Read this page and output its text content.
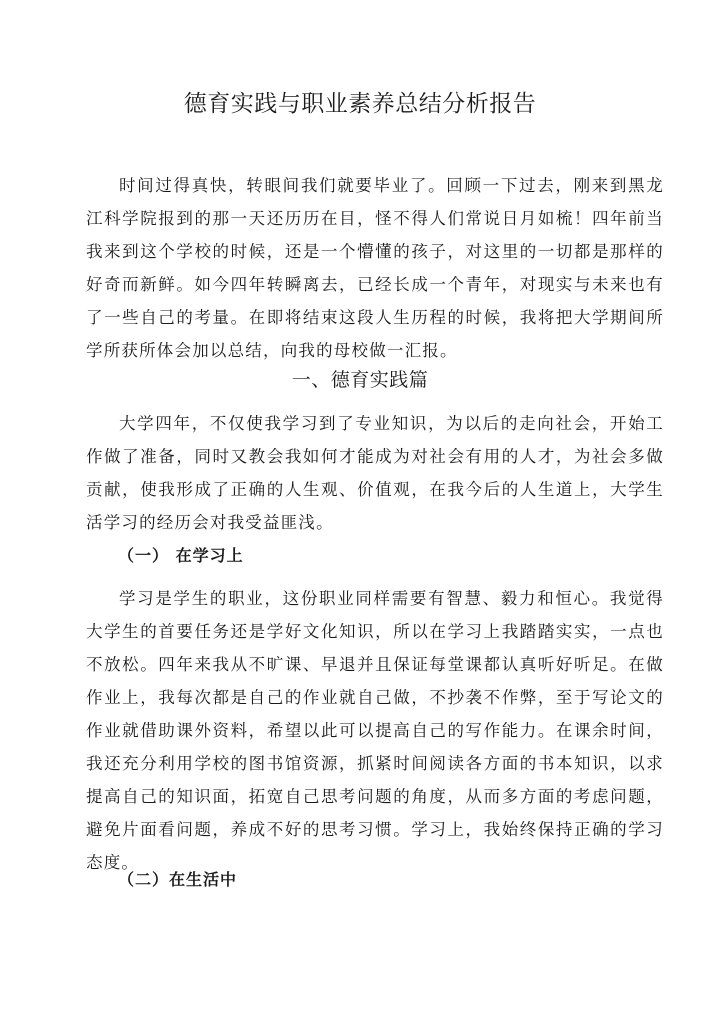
德育实践与职业素养总结分析报告

时间过得真快，转眼间我们就要毕业了。回顾一下过去，刚来到黑龙江科学院报到的那一天还历历在目，怪不得人们常说日月如梳！四年前当我来到这个学校的时候，还是一个懵懂的孩子，对这里的一切都是那样的好奇而新鲜。如今四年转瞬离去，已经长成一个青年，对现实与未来也有了一些自己的考量。在即将结束这段人生历程的时候，我将把大学期间所学所获所体会加以总结，向我的母校做一汇报。

一、德育实践篇

大学四年，不仅使我学习到了专业知识，为以后的走向社会，开始工作做了准备，同时又教会我如何才能成为对社会有用的人才，为社会多做贡献，使我形成了正确的人生观、价值观，在我今后的人生道上，大学生活学习的经历会对我受益匪浅。

（一） 在学习上

学习是学生的职业，这份职业同样需要有智慧、毅力和恒心。我觉得大学生的首要任务还是学好文化知识，所以在学习上我踏踏实实，一点也不放松。四年来我从不旷课、早退并且保证每堂课都认真听好听足。在做作业上，我每次都是自己的作业就自己做，不抄袭不作弊，至于写论文的作业就借助课外资料，希望以此可以提高自己的写作能力。在课余时间，我还充分利用学校的图书馆资源，抓紧时间阅读各方面的书本知识，以求提高自己的知识面，拓宽自己思考问题的角度，从而多方面的考虑问题，避免片面看问题，养成不好的思考习惯。学习上，我始终保持正确的学习态度。

（二）在生活中
